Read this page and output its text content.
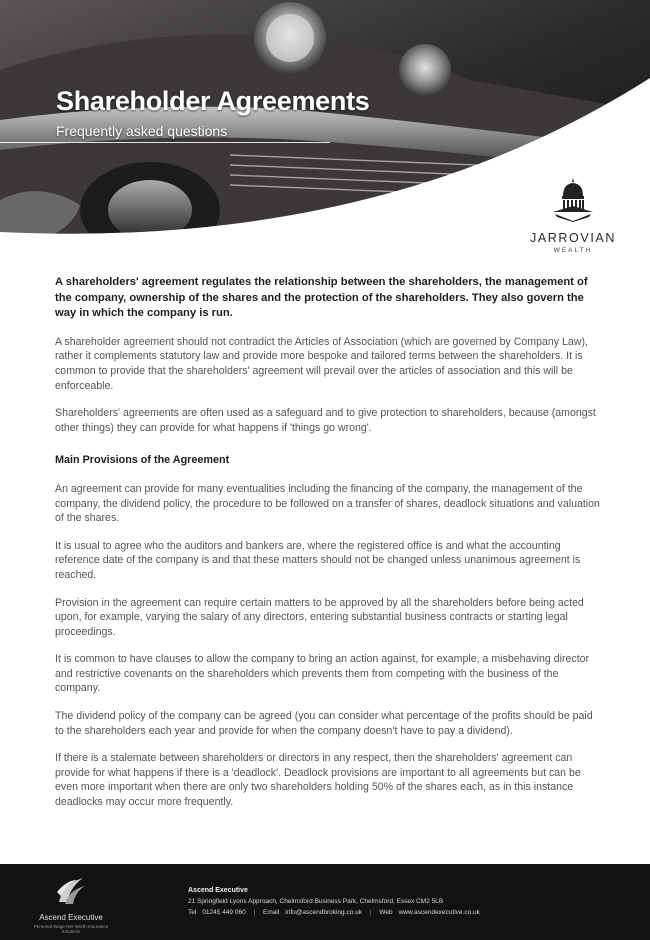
Shareholder Agreements
Frequently asked questions
JARROVIAN
WEALTH

A shareholders' agreement regulates the relationship between the shareholders, the management of the company, ownership of the shares and the protection of the shareholders. They also govern the way in which the company is run.

A shareholder agreement should not contradict the Articles of Association (which are governed by Company Law), rather it complements statutory law and provide more bespoke and tailored terms between the shareholders. It is common to provide that the shareholders' agreement will prevail over the articles of association and this will be enforceable.

Shareholders' agreements are often used as a safeguard and to give protection to shareholders, because (amongst other things) they can provide for what happens if 'things go wrong'.

Main Provisions of the Agreement

An agreement can provide for many eventualities including the financing of the company, the management of the company, the dividend policy, the procedure to be followed on a transfer of shares, deadlock situations and valuation of the shares.

It is usual to agree who the auditors and bankers are, where the registered office is and what the accounting reference date of the company is and that these matters should not be changed unless unanimous agreement is reached.

Provision in the agreement can require certain matters to be approved by all the shareholders before being acted upon, for example, varying the salary of any directors, entering substantial business contracts or starting legal proceedings.

It is common to have clauses to allow the company to bring an action against, for example, a misbehaving director and restrictive covenants on the shareholders which prevents them from competing with the business of the company.

The dividend policy of the company can be agreed (you can consider what percentage of the profits should be paid to the shareholders each year and provide for when the company doesn't have to pay a dividend).

If there is a stalemate between shareholders or directors in any respect, then the shareholders' agreement can provide for what happens if there is a 'deadlock'. Deadlock provisions are important to all agreements but can be even more important when there are only two shareholders holding 50% of the shares each, as in this instance deadlocks may occur more frequently.

Ascend Executive
Personal Wage Net Worth Insurance Solutions
Ascend Executive
21 Springfield Lyons Approach, Chelmsford Business Park, Chelmsford, Essex CM2 5LB
Tel 01245 449 060 | Email info@ascendbroking.co.uk | Web www.ascendexecutive.co.uk
